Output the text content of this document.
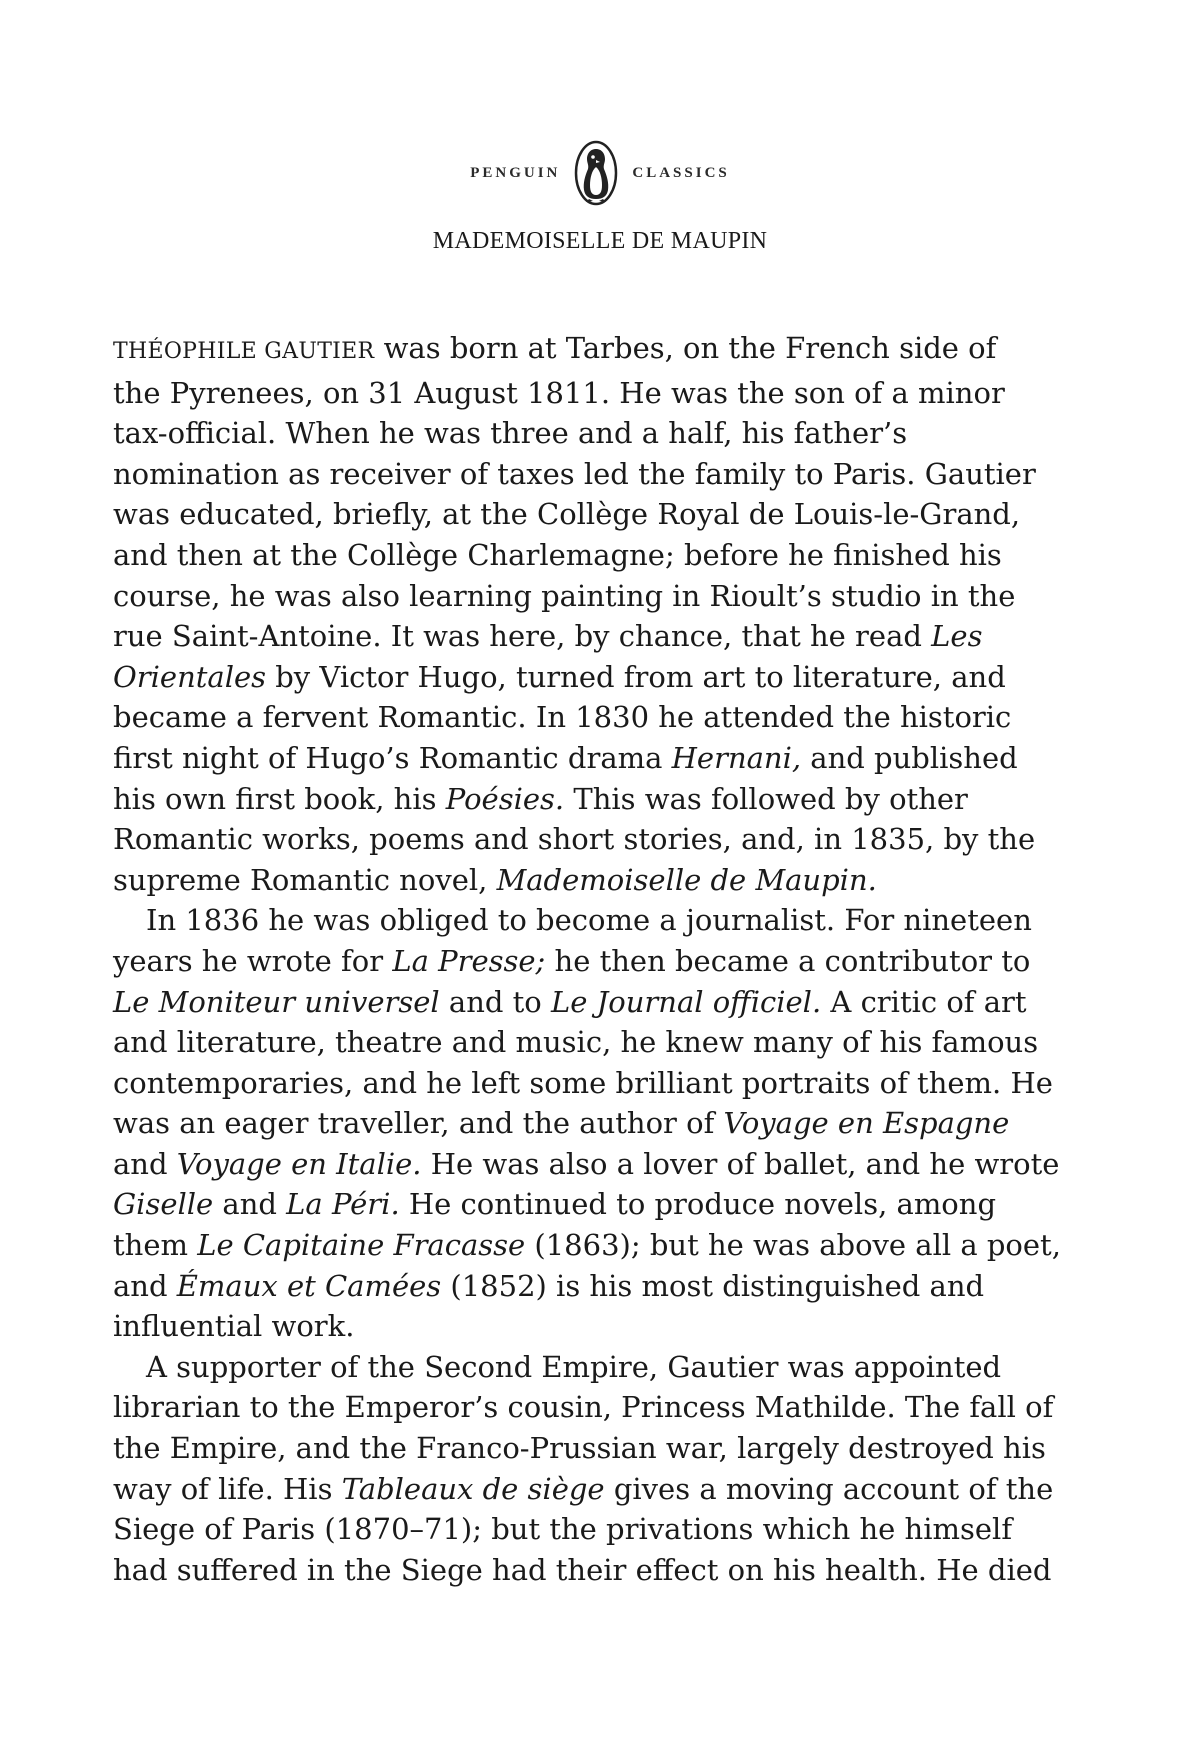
PENGUIN	CLASSICS
MADEMOISELLE DE MAUPIN

THÉOPHILE GAUTIER was born at Tarbes, on the French side of
the Pyrenees, on 31 August 1811. He was the son of a minor
tax-official. When he was three and a half, his father’s
nomination as receiver of taxes led the family to Paris. Gautier
was educated, briefly, at the Collège Royal de Louis-le-Grand,
and then at the Collège Charlemagne; before he finished his
course, he was also learning painting in Rioult’s studio in the
rue Saint-Antoine. It was here, by chance, that he read Les
Orientales by Victor Hugo, turned from art to literature, and
became a fervent Romantic. In 1830 he attended the historic
first night of Hugo’s Romantic drama Hernani, and published
his own first book, his Poésies. This was followed by other
Romantic works, poems and short stories, and, in 1835, by the
supreme Romantic novel, Mademoiselle de Maupin.

In 1836 he was obliged to become a journalist. For nineteen
years he wrote for La Presse; he then became a contributor to
Le Moniteur universel and to Le Journal officiel. A critic of art
and literature, theatre and music, he knew many of his famous
contemporaries, and he left some brilliant portraits of them. He
was an eager traveller, and the author of Voyage en Espagne
and Voyage en Italie. He was also a lover of ballet, and he wrote
Giselle and La Péri. He continued to produce novels, among
them Le Capitaine Fracasse (1863); but he was above all a poet,
and Émaux et Camées (1852) is his most distinguished and
influential work.

A supporter of the Second Empire, Gautier was appointed
librarian to the Emperor’s cousin, Princess Mathilde. The fall of
the Empire, and the Franco-Prussian war, largely destroyed his
way of life. His Tableaux de siège gives a moving account of the
Siege of Paris (1870–71); but the privations which he himself
had suffered in the Siege had their effect on his health. He died
